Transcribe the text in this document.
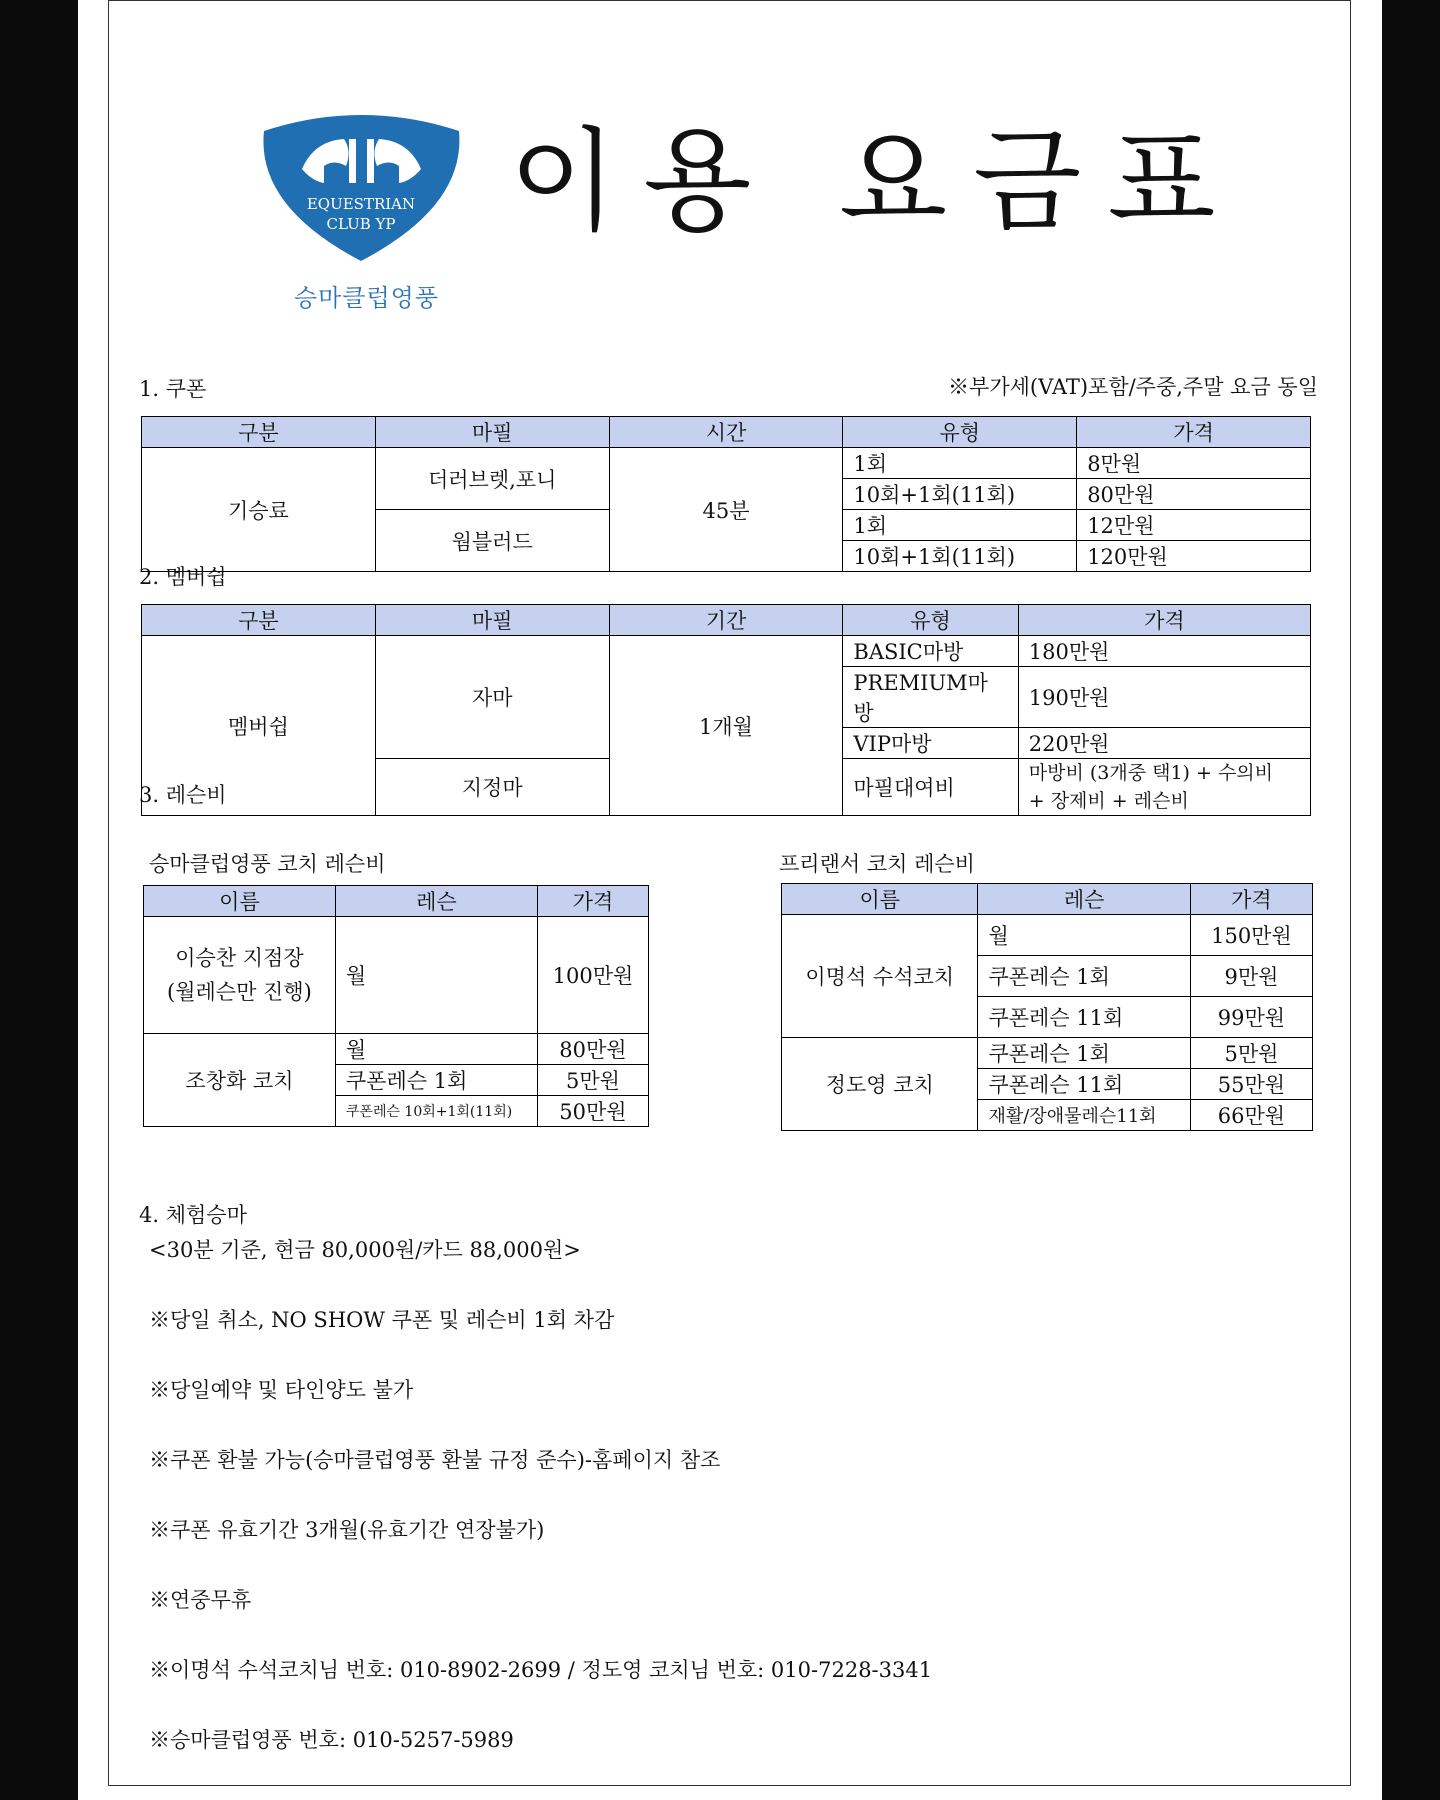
EQUESTRIAN
CLUB YP
승마클럽영풍
이용 요금표
1. 쿠폰	※부가세(VAT)포함/주중,주말 요금 동일
구분	마필	시간	유형	가격
기승료	더러브렛,포니	45분	1회	8만원
			10회+1회(11회)	80만원
	웜블러드		1회	12만원
			10회+1회(11회)	120만원
2. 멤버쉽
구분	마필	기간	유형	가격
멤버쉽	자마	1개월	BASIC마방	180만원
			PREMIUM마방	190만원
			VIP마방	220만원
	지정마		마필대여비	마방비 (3개중 택1) + 수의비
+ 장제비 + 레슨비
3. 레슨비
승마클럽영풍 코치 레슨비	프리랜서 코치 레슨비
이름	레슨	가격

이승찬 지점장
(월레슨만 진행)	월	100만원
조창화 코치	월	80만원
	쿠폰레슨 1회	5만원
	쿠폰레슨 10회+1회(11회)	50만원
이름	레슨	가격
이명석 수석코치	월	150만원
	쿠폰레슨 1회	9만원
	쿠폰레슨 11회	99만원
정도영 코치	쿠폰레슨 1회	5만원
	쿠폰레슨 11회	55만원
	재활/장애물레슨11회	66만원
4. 체험승마
<30분 기준, 현금 80,000원/카드 88,000원>
※당일 취소, NO SHOW 쿠폰 및 레슨비 1회 차감
※당일예약 및 타인양도 불가
※쿠폰 환불 가능(승마클럽영풍 환불 규정 준수)-홈페이지 참조
※쿠폰 유효기간 3개월(유효기간 연장불가)
※연중무휴
※이명석 수석코치님 번호: 010-8902-2699 / 정도영 코치님 번호: 010-7228-3341
※승마클럽영풍 번호: 010-5257-5989
